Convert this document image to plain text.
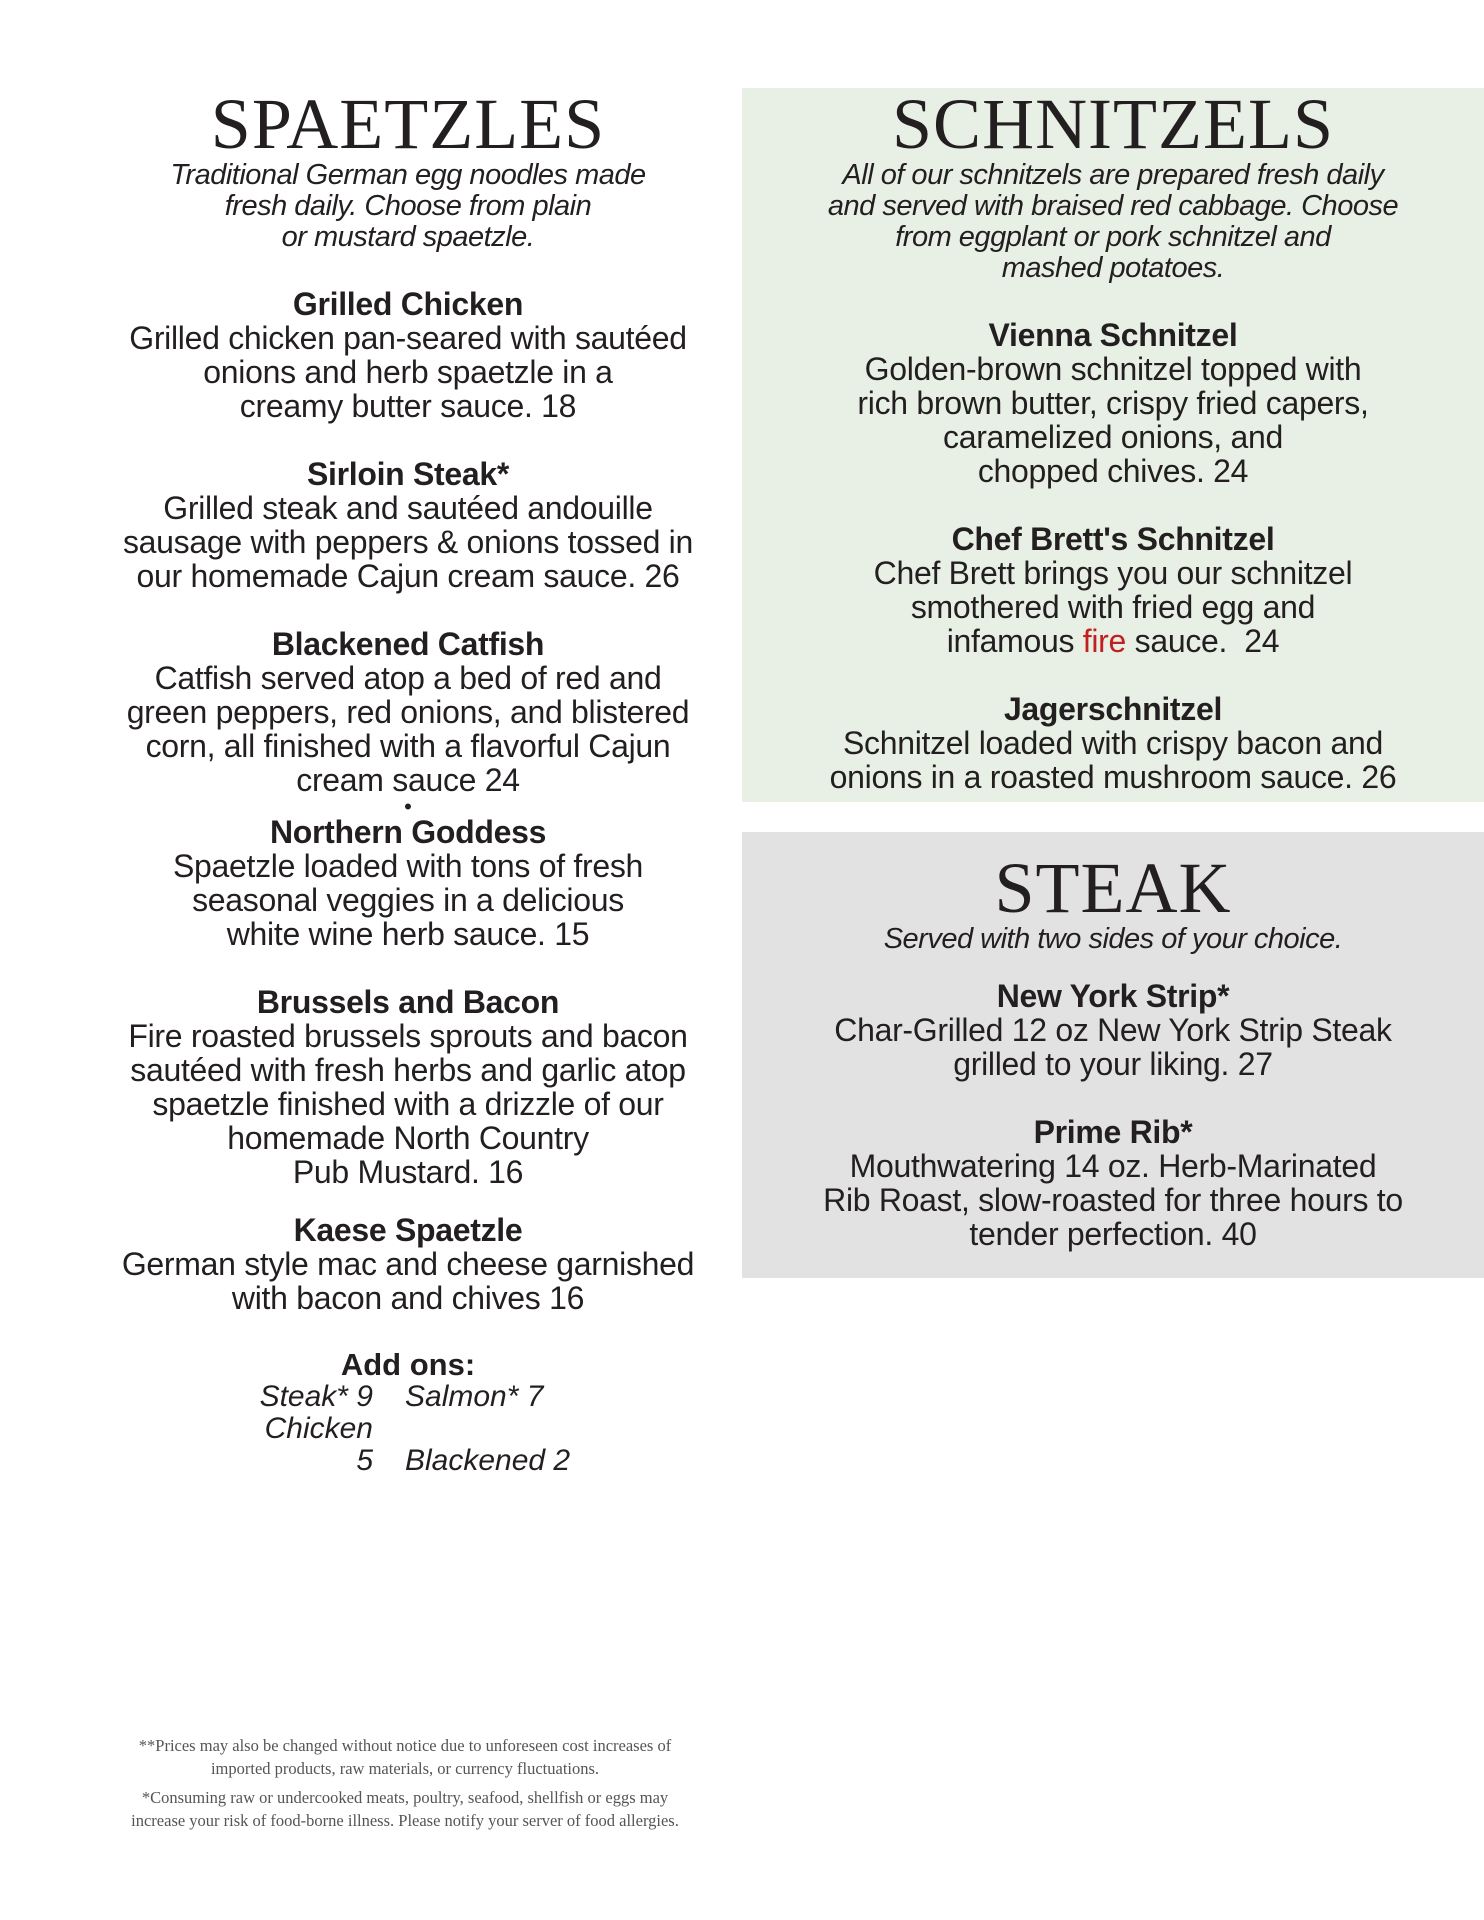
SPAETZLES
Traditional German egg noodles made
fresh daily. Choose from plain
or mustard spaetzle.
Grilled Chicken
Grilled chicken pan-seared with sautéed
onions and herb spaetzle in a
creamy butter sauce. 18
Sirloin Steak*
Grilled steak and sautéed andouille
sausage with peppers & onions tossed in
our homemade Cajun cream sauce. 26
Blackened Catfish
Catfish served atop a bed of red and
green peppers, red onions, and blistered
corn, all finished with a flavorful Cajun
cream sauce 24
•
Northern Goddess
Spaetzle loaded with tons of fresh
seasonal veggies in a delicious
white wine herb sauce. 15
Brussels and Bacon
Fire roasted brussels sprouts and bacon
sautéed with fresh herbs and garlic atop
spaetzle finished with a drizzle of our
homemade North Country
Pub Mustard. 16
Kaese Spaetzle
German style mac and cheese garnished
with bacon and chives 16
Add ons:
Steak* 9 Salmon* 7
Chicken 5 Blackened 2
SCHNITZELS
All of our schnitzels are prepared fresh daily
and served with braised red cabbage. Choose
from eggplant or pork schnitzel and
mashed potatoes.
Vienna Schnitzel
Golden-brown schnitzel topped with
rich brown butter, crispy fried capers,
caramelized onions, and
chopped chives. 24
Chef Brett's Schnitzel
Chef Brett brings you our schnitzel
smothered with fried egg and
infamous fire sauce.  24
Jagerschnitzel
Schnitzel loaded with crispy bacon and
onions in a roasted mushroom sauce. 26
STEAK
Served with two sides of your choice.
New York Strip*
Char-Grilled 12 oz New York Strip Steak
grilled to your liking. 27
Prime Rib*
Mouthwatering 14 oz. Herb-Marinated
Rib Roast, slow-roasted for three hours to
tender perfection. 40

**Prices may also be changed without notice due to unforeseen cost increases of
imported products, raw materials, or currency fluctuations.

*Consuming raw or undercooked meats, poultry, seafood, shellfish or eggs may
increase your risk of food-borne illness. Please notify your server of food allergies.
